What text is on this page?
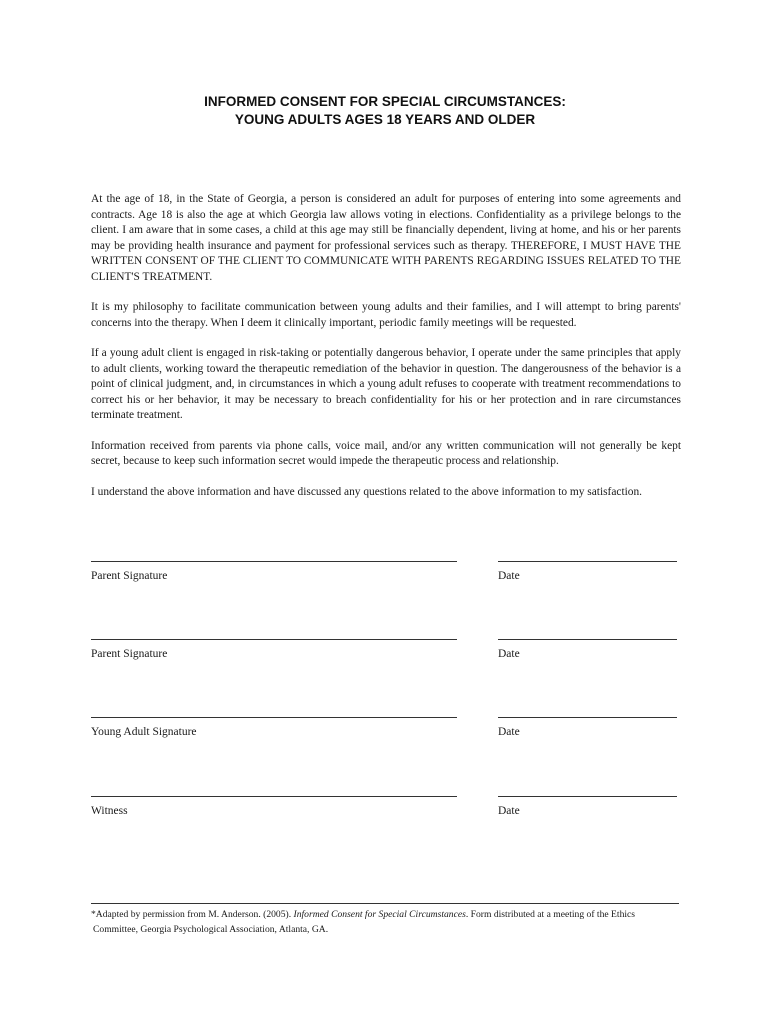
INFORMED CONSENT FOR SPECIAL CIRCUMSTANCES:
YOUNG ADULTS AGES 18 YEARS AND OLDER

At the age of 18, in the State of Georgia, a person is considered an adult for purposes of entering into some agreements and contracts. Age 18 is also the age at which Georgia law allows voting in elections. Confidentiality as a privilege belongs to the client. I am aware that in some cases, a child at this age may still be financially dependent, living at home, and his or her parents may be providing health insurance and payment for professional services such as therapy. THEREFORE, I MUST HAVE THE WRITTEN CONSENT OF THE CLIENT TO COMMUNICATE WITH PARENTS REGARDING ISSUES RELATED TO THE CLIENT'S TREATMENT.

It is my philosophy to facilitate communication between young adults and their families, and I will attempt to bring parents' concerns into the therapy. When I deem it clinically important, periodic family meetings will be requested.

If a young adult client is engaged in risk-taking or potentially dangerous behavior, I operate under the same principles that apply to adult clients, working toward the therapeutic remediation of the behavior in question. The dangerousness of the behavior is a point of clinical judgment, and, in circumstances in which a young adult refuses to cooperate with treatment recommendations to correct his or her behavior, it may be necessary to breach confidentiality for his or her protection and in rare circumstances terminate treatment.

Information received from parents via phone calls, voice mail, and/or any written communication will not generally be kept secret, because to keep such information secret would impede the therapeutic process and relationship.

I understand the above information and have discussed any questions related to the above information to my satisfaction.

Parent Signature	Date
Parent Signature	Date
Young Adult Signature	Date
Witness	Date
*Adapted by permission from M. Anderson. (2005). Informed Consent for Special Circumstances. Form distributed at a meeting of the Ethics
Committee, Georgia Psychological Association, Atlanta, GA.
